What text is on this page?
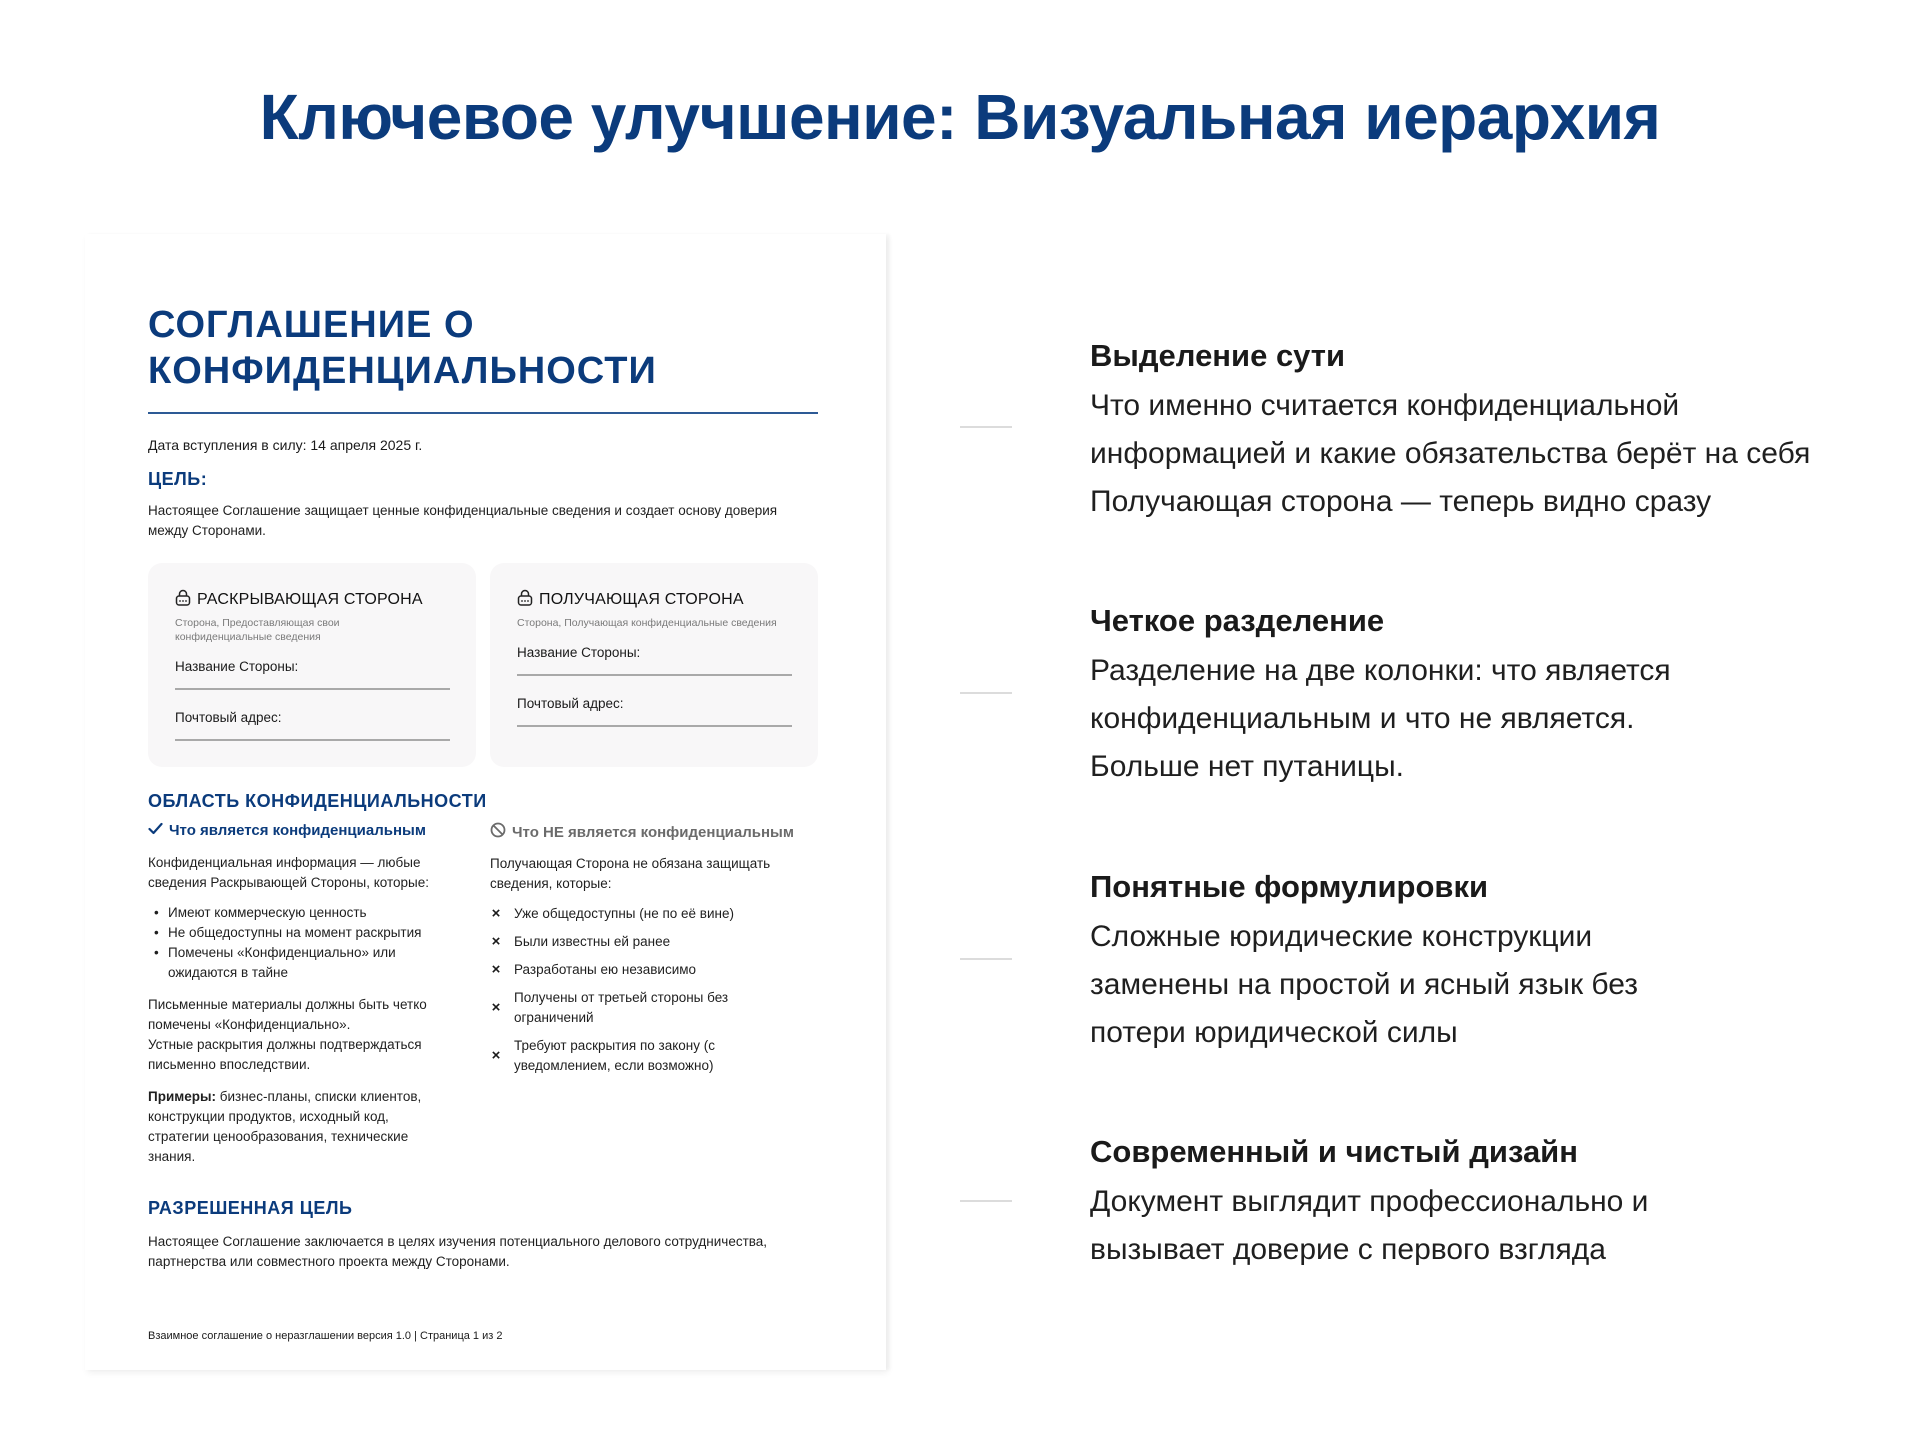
Ключевое улучшение: Визуальная иерархия
СОГЛАШЕНИЕ О
КОНФИДЕНЦИАЛЬНОСТИ
Дата вступления в силу: 14 апреля 2025 г.
ЦЕЛЬ:
Настоящее Соглашение защищает ценные конфиденциальные сведения и создает основу доверия между Сторонами.
РАСКРЫВАЮЩАЯ СТОРОНА
Сторона, Предоставляющая свои конфиденциальные сведения
Название Стороны:
Почтовый адрес:
ПОЛУЧАЮЩАЯ СТОРОНА
Сторона, Получающая конфиденциальные сведения
Название Стороны:
Почтовый адрес:
ОБЛАСТЬ КОНФИДЕНЦИАЛЬНОСТИ
Что является конфиденциальным
Конфиденциальная информация — любые сведения Раскрывающей Стороны, которые:
• Имеют коммерческую ценность
• Не общедоступны на момент раскрытия
• Помечены «Конфиденциально» или ожидаются в тайне
Письменные материалы должны быть четко помечены «Конфиденциально».
Устные раскрытия должны подтверждаться письменно впоследствии.
Примеры: бизнес-планы, списки клиентов, конструкции продуктов, исходный код, стратегии ценообразования, технические знания.
Что НЕ является конфиденциальным
Получающая Сторона не обязана защищать сведения, которые:
× Уже общедоступны (не по её вине)
× Были известны ей ранее
× Разработаны ею независимо
×
Получены от третьей стороны без ограничений
×
Требуют раскрытия по закону (с уведомлением, если возможно)
РАЗРЕШЕННАЯ ЦЕЛЬ
Настоящее Соглашение заключается в целях изучения потенциального делового сотрудничества, партнерства или совместного проекта между Сторонами.
Взаимное соглашение о неразглашении версия 1.0 | Страница 1 из 2
Выделение сути
Что именно считается конфиденциальной информацией и какие обязательства берёт на себя Получающая сторона — теперь видно сразу
Четкое разделение
Разделение на две колонки: что является конфиденциальным и что не является. Больше нет путаницы.
Понятные формулировки
Сложные юридические конструкции заменены на простой и ясный язык без потери юридической силы
Современный и чистый дизайн
Документ выглядит профессионально и вызывает доверие с первого взгляда
